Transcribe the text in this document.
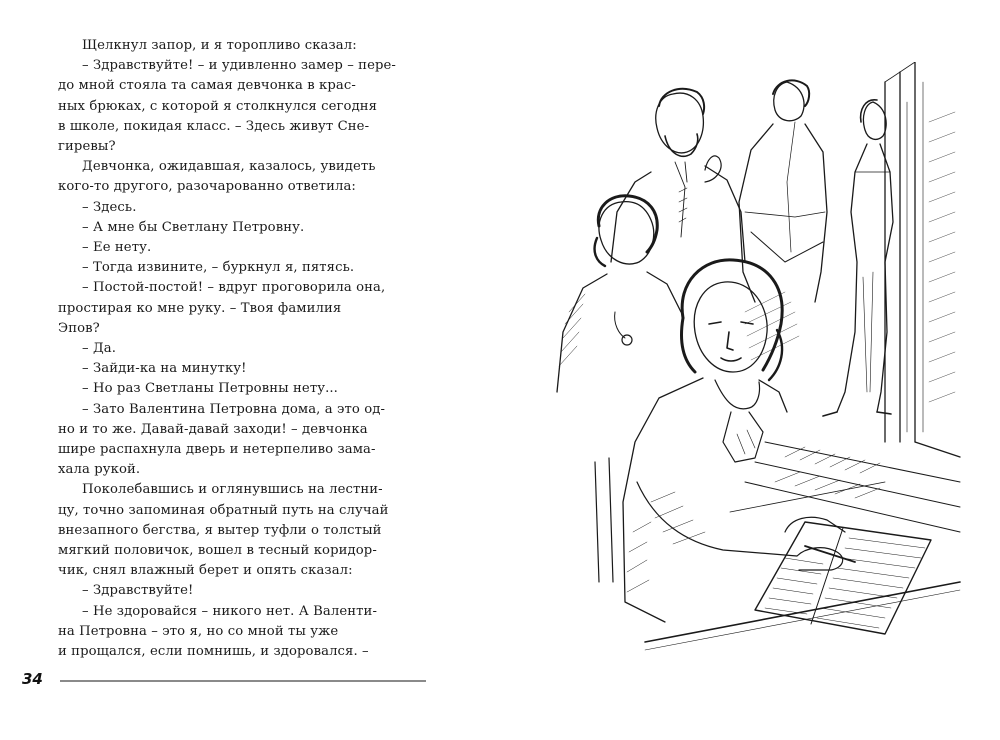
Щелкнул запор, и я торопливо сказал:

– Здравствуйте! – и удивленно замер – пере-

до мной стояла та самая девчонка в крас-

ных брюках, с которой я столкнулся сегодня

в школе, покидая класс. – Здесь живут Сне-

гиревы?

Девчонка, ожидавшая, казалось, увидеть

кого-то другого, разочарованно ответила:

– Здесь.

– А мне бы Светлану Петровну.

– Ее нету.

– Тогда извините, – буркнул я, пятясь.

– Постой-постой! – вдруг проговорила она,

простирая ко мне руку. – Твоя фамилия

Эпов?

– Да.

– Зайди-ка на минутку!

– Но раз Светланы Петровны нету...

– Зато Валентина Петровна дома, а это од-

но и то же. Давай-давай заходи! – девчонка

шире распахнула дверь и нетерпеливо зама-

хала рукой.

Поколебавшись и оглянувшись на лестни-

цу, точно запоминая обратный путь на случай

внезапного бегства, я вытер туфли о толстый

мягкий половичок, вошел в тесный коридор-

чик, снял влажный берет и опять сказал:

– Здравствуйте!

– Не здоровайся – никого нет. А Валенти-

на Петровна – это я, но со мной ты уже

и прощался, если помнишь, и здоровался. –

34
